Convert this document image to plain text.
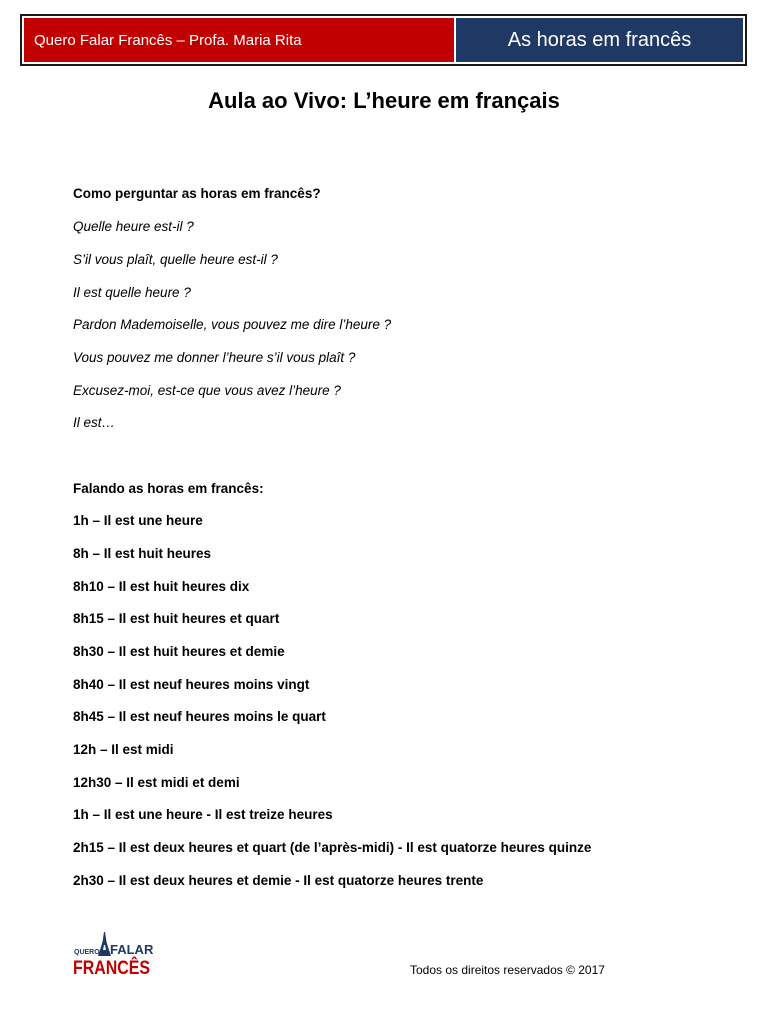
Quero Falar Francês – Profa. Maria Rita	As horas em francês
Aula ao Vivo: L’heure em français
Como perguntar as horas em francês?
Quelle heure est-il ?
S’il vous plaît, quelle heure est-il ?
Il est quelle heure ?
Pardon Mademoiselle, vous pouvez me dire l’heure ?
Vous pouvez me donner l’heure s’il vous plaît ?
Excusez-moi, est-ce que vous avez l’heure ?
Il est…
Falando as horas em francês:
1h – Il est une heure
8h – Il est huit heures
8h10 – Il est huit heures dix
8h15 – Il est huit heures et quart
8h30 – Il est huit heures et demie
8h40 – Il est neuf heures moins vingt
8h45 – Il est neuf heures moins le quart
12h – Il est midi
12h30 – Il est midi et demi
1h – Il est une heure - Il est treize heures
2h15 – Il est deux heures et quart (de l’après-midi) - Il est quatorze heures quinze
2h30 – Il est deux heures et demie - Il est quatorze heures trente
QUERO FALAR
FRANCÊS	Todos os direitos reservados © 2017
